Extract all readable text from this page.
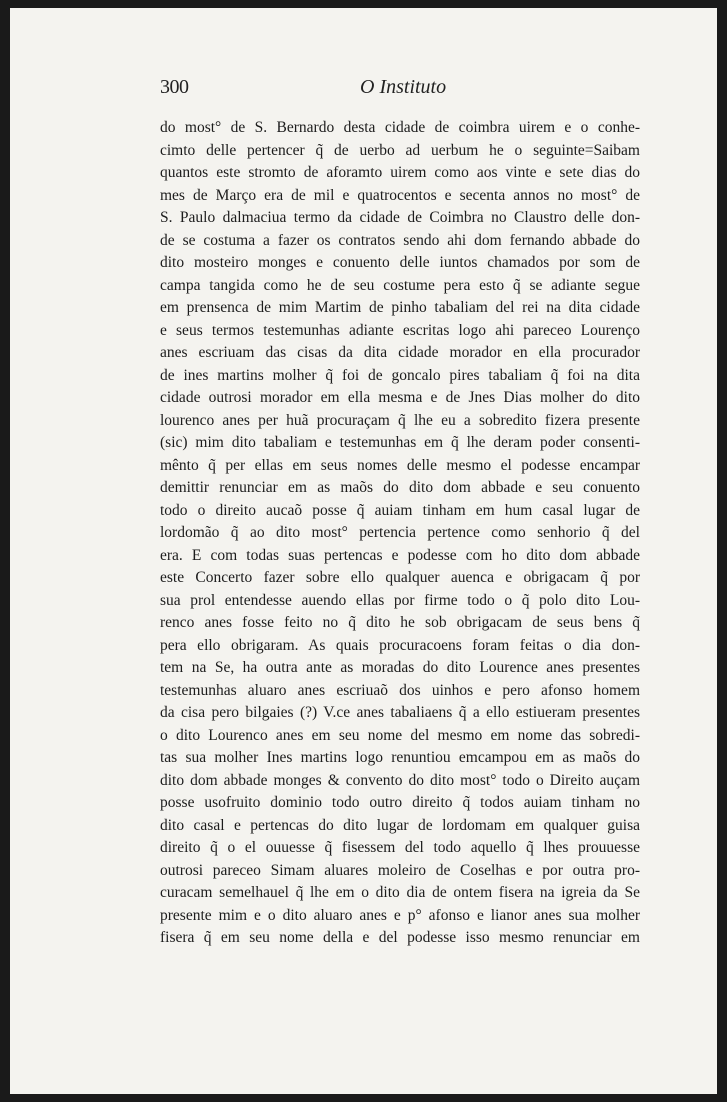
300	O Instituto
do most° de S. Bernardo desta cidade de coimbra uirem e o conhe-
cimto delle pertencer q̃ de uerbo ad uerbum he o seguinte=Saibam
quantos este stromto de aforamto uirem como aos vinte e sete dias do
mes de Março era de mil e quatrocentos e secenta annos no most° de
S. Paulo dalmaciua termo da cidade de Coimbra no Claustro delle don-
de se costuma a fazer os contratos sendo ahi dom fernando abbade do
dito mosteiro monges e conuento delle iuntos chamados por som de
campa tangida como he de seu costume pera esto q̃ se adiante segue
em prensenca de mim Martim de pinho tabaliam del rei na dita cidade
e seus termos testemunhas adiante escritas logo ahi pareceo Lourenço
anes escriuam das cisas da dita cidade morador en ella procurador
de ines martins molher q̃ foi de goncalo pires tabaliam q̃ foi na dita
cidade outrosi morador em ella mesma e de Jnes Dias molher do dito
lourenco anes per huã procuraçam q̃ lhe eu a sobredito fizera presente
(sic) mim dito tabaliam e testemunhas em q̃ lhe deram poder consenti-
mênto q̃ per ellas em seus nomes delle mesmo el podesse encampar
demittir renunciar em as maõs do dito dom abbade e seu conuento
todo o direito aucaõ posse q̃ auiam tinham em hum casal lugar de
lordomão q̃ ao dito most° pertencia pertence como senhorio q̃ del
era. E com todas suas pertencas e podesse com ho dito dom abbade
este Concerto fazer sobre ello qualquer auenca e obrigacam q̃ por
sua prol entendesse auendo ellas por firme todo o q̃ polo dito Lou-
renco anes fosse feito no q̃ dito he sob obrigacam de seus bens q̃
pera ello obrigaram. As quais procuracoens foram feitas o dia don-
tem na Se, ha outra ante as moradas do dito Lourence anes presentes
testemunhas aluaro anes escriuaõ dos uinhos e pero afonso homem
da cisa pero bilgaies (?) V.ce anes tabaliaens q̃ a ello estiueram presentes
o dito Lourenco anes em seu nome del mesmo em nome das sobredi-
tas sua molher Ines martins logo renuntiou emcampou em as maõs do
dito dom abbade monges & convento do dito most° todo o Direito auçam
posse usofruito dominio todo outro direito q̃ todos auiam tinham no
dito casal e pertencas do dito lugar de lordomam em qualquer guisa
direito q̃ o el ouuesse q̃ fisessem del todo aquello q̃ lhes prouuesse
outrosi pareceo Simam aluares moleiro de Coselhas e por outra pro-
curacam semelhauel q̃ lhe em o dito dia de ontem fisera na igreia da Se
presente mim e o dito aluaro anes e p° afonso e lianor anes sua molher
fisera q̃ em seu nome della e del podesse isso mesmo renunciar em
